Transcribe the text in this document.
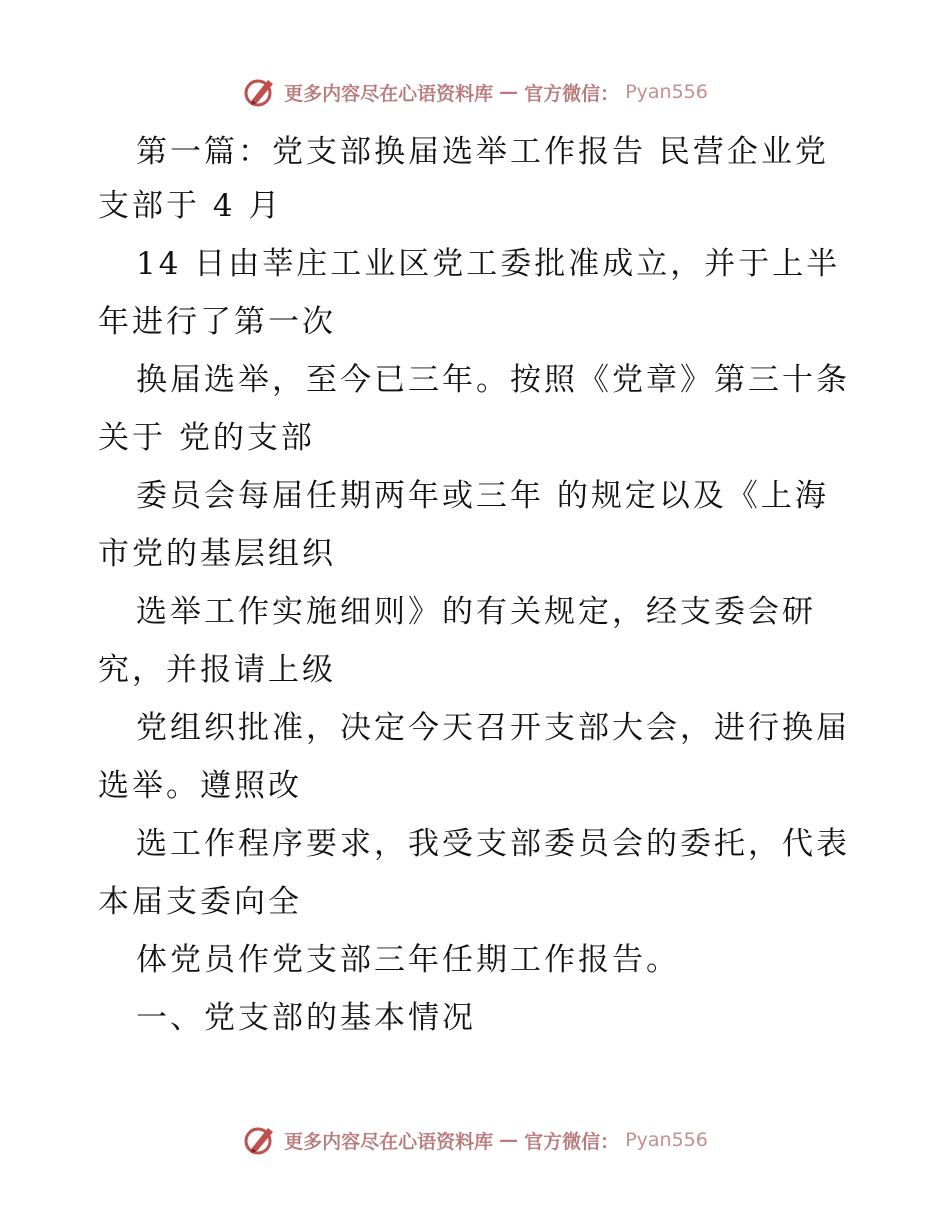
更多内容尽在心语资料库 — 官方微信： Pyan556
第一篇：党支部换届选举工作报告 民营企业党
支部于 4 月
14 日由莘庄工业区党工委批准成立，并于上半
年进行了第一次
换届选举，至今已三年。按照《党章》第三十条
关于 党的支部
委员会每届任期两年或三年 的规定以及《上海
市党的基层组织
选举工作实施细则》的有关规定，经支委会研
究，并报请上级
党组织批准，决定今天召开支部大会，进行换届
选举。遵照改
选工作程序要求，我受支部委员会的委托，代表
本届支委向全
体党员作党支部三年任期工作报告。
一、党支部的基本情况
更多内容尽在心语资料库 — 官方微信： Pyan556
